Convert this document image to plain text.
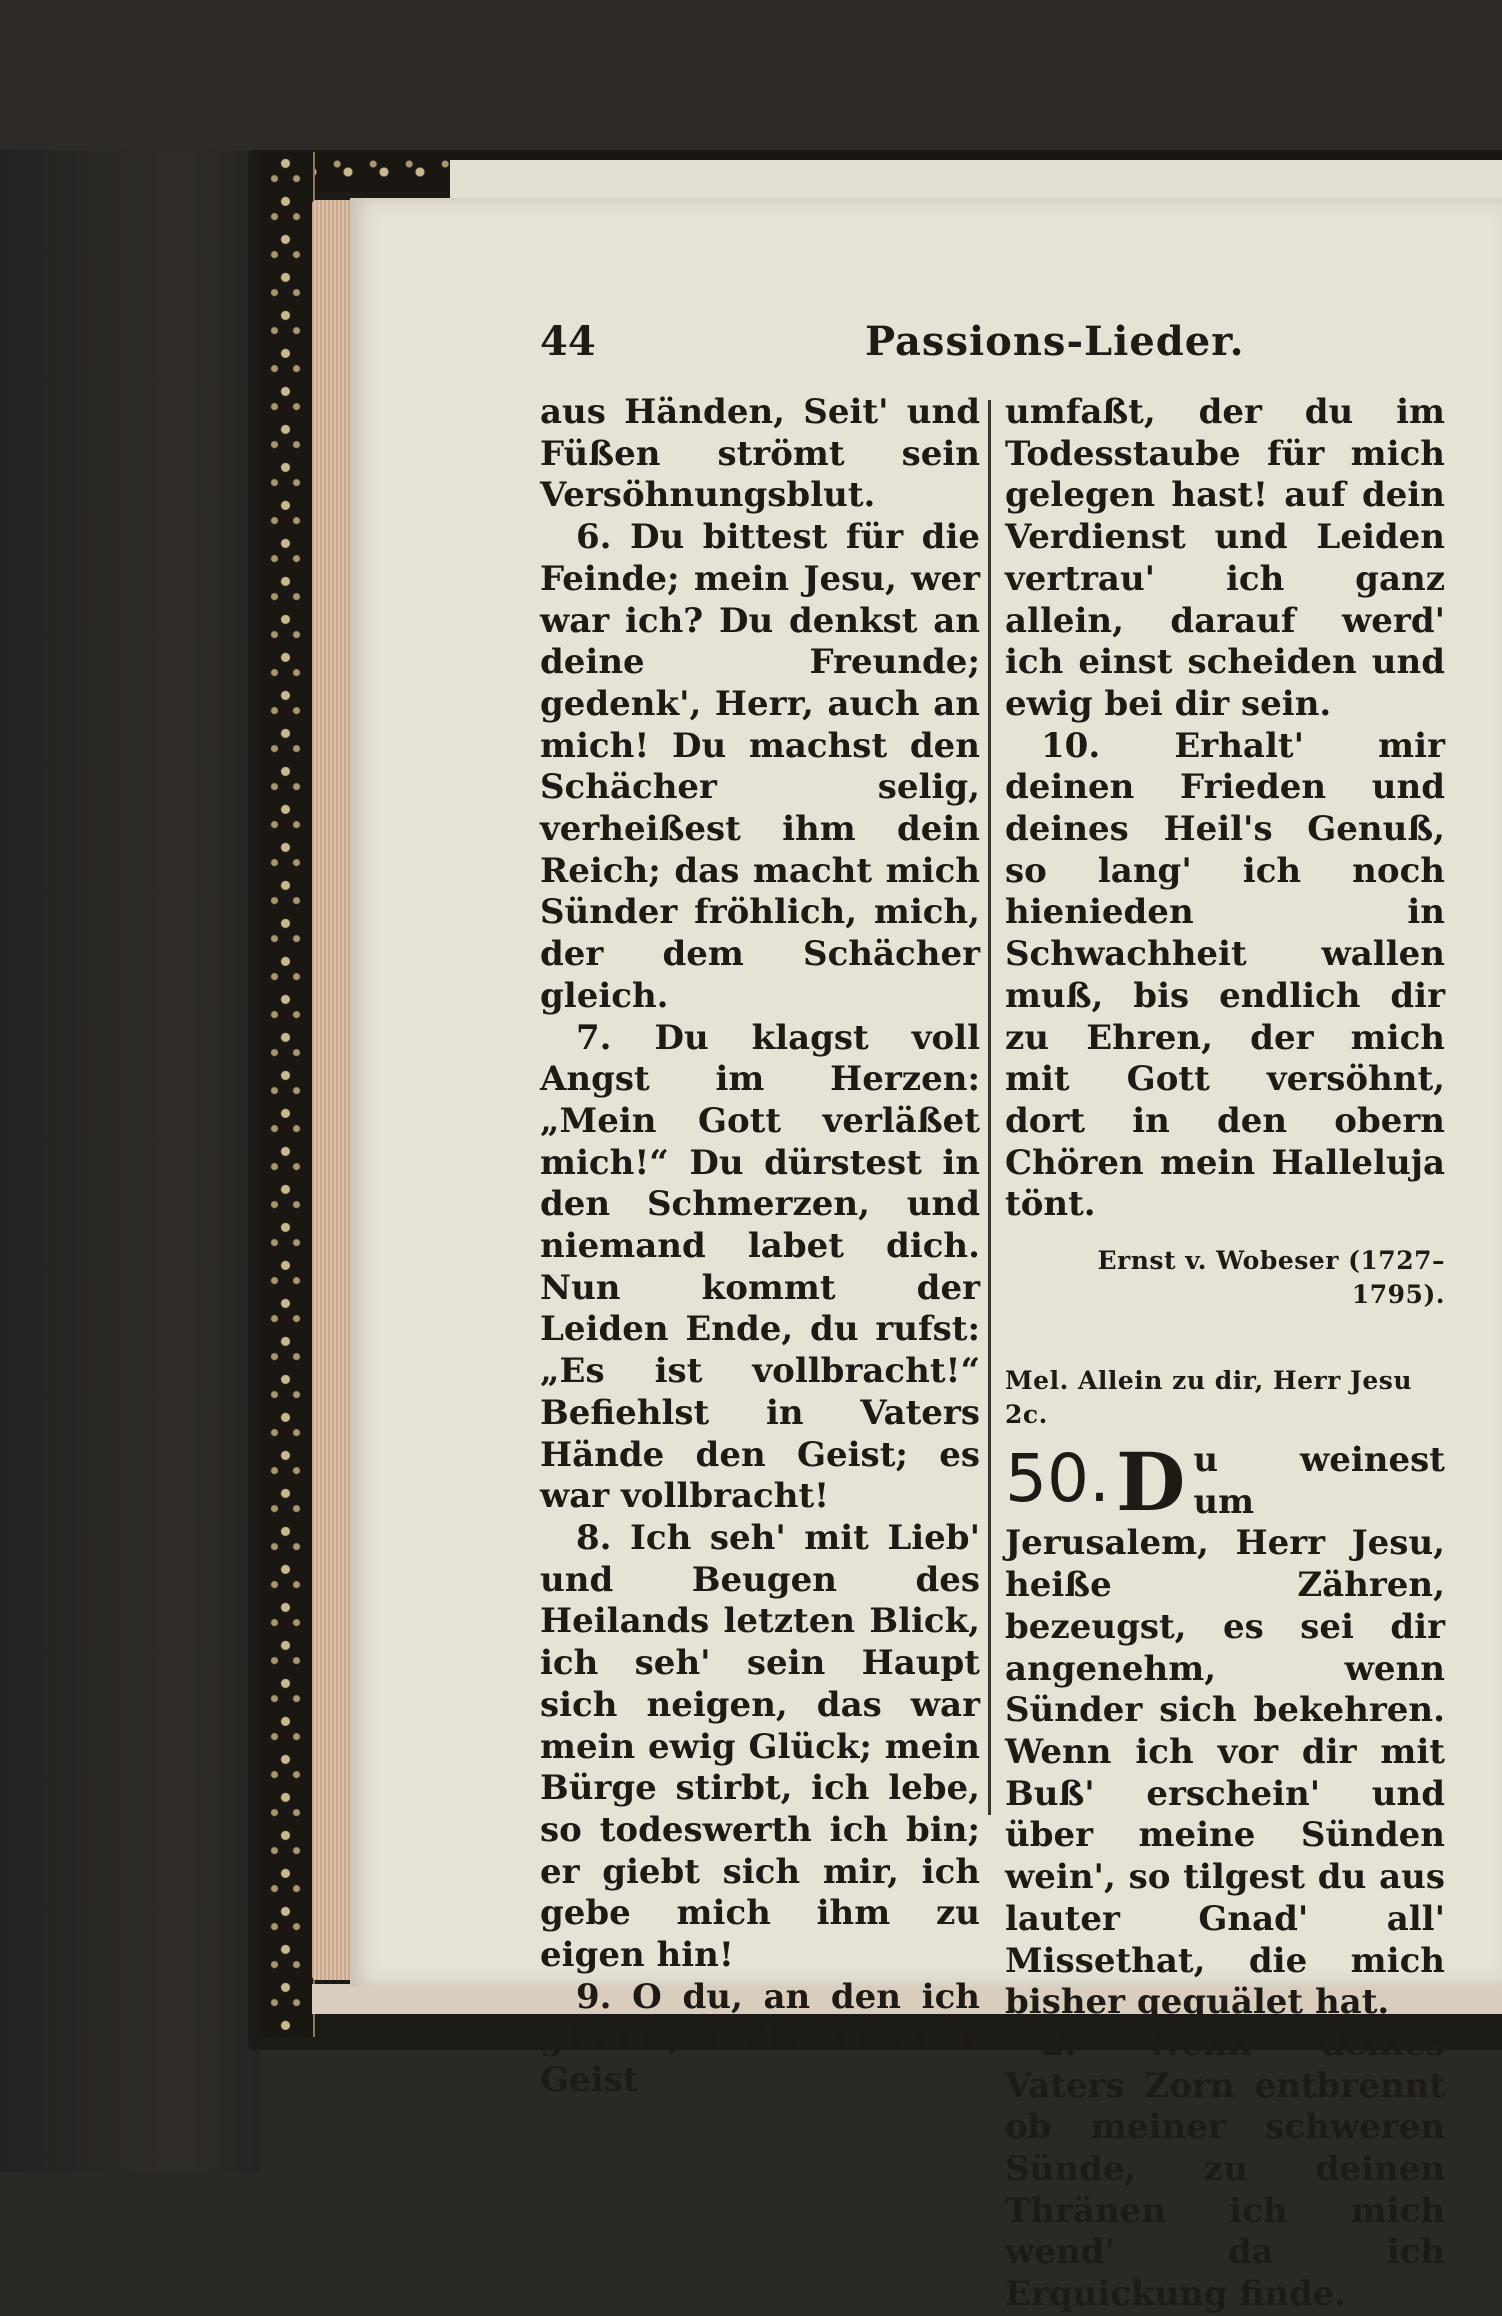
44	Passions-Lieder.

aus Händen, Seit' und Füßen strömt sein Versöhnungsblut.

6. Du bittest für die Feinde; mein Jesu, wer war ich? Du denkst an deine Freunde; gedenk', Herr, auch an mich! Du machst den Schächer selig, verheißest ihm dein Reich; das macht mich Sünder fröhlich, mich, der dem Schächer gleich.

7. Du klagst voll Angst im Herzen: „Mein Gott verläßet mich!“ Du dürstest in den Schmerzen, und niemand labet dich. Nun kommt der Leiden Ende, du rufst: „Es ist vollbracht!“ Befiehlst in Vaters Hände den Geist; es war vollbracht!

8. Ich seh' mit Lieb' und Beugen des Heilands letzten Blick, ich seh' sein Haupt sich neigen, das war mein ewig Glück; mein Bürge stirbt, ich lebe, so todeswerth ich bin; er giebt sich mir, ich gebe mich ihm zu eigen hin!

9. O du, an den ich glaube, und den mein Geist

umfaßt, der du im Todesstaube für mich gelegen hast! auf dein Verdienst und Leiden vertrau' ich ganz allein, darauf werd' ich einst scheiden und ewig bei dir sein.

10. Erhalt' mir deinen Frieden und deines Heil's Genuß, so lang' ich noch hienieden in Schwachheit wallen muß, bis endlich dir zu Ehren, der mich mit Gott versöhnt, dort in den obern Chören mein Halleluja tönt.

Ernst v. Wobeser (1727–1795).

Mel. Allein zu dir, Herr Jesu 2c.

50. D u weinest um Jerusalem, Herr Jesu, heiße Zähren, bezeugst, es sei dir angenehm, wenn Sünder sich bekehren. Wenn ich vor dir mit Buß' erschein' und über meine Sünden wein', so tilgest du aus lauter Gnad' all' Missethat, die mich bisher gequälet hat.

2. Wenn deines Vaters Zorn entbrennt ob meiner schweren Sünde, zu deinen Thränen ich mich wend' da ich Erquickung finde.
